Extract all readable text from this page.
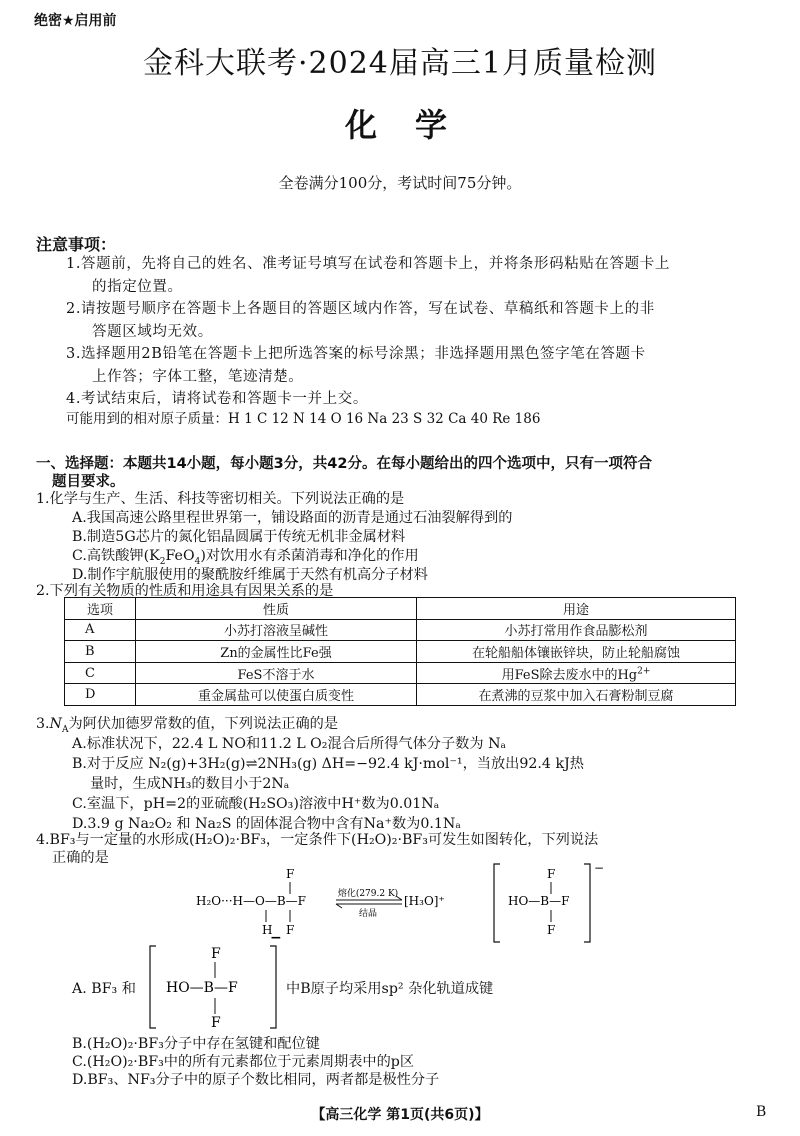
绝密★启用前
金科大联考·2024届高三1月质量检测
化学
全卷满分100分，考试时间75分钟。
注意事项：
1.答题前，先将自己的姓名、准考证号填写在试卷和答题卡上，并将条形码粘贴在答题卡上
的指定位置。
2.请按题号顺序在答题卡上各题目的答题区域内作答，写在试卷、草稿纸和答题卡上的非
答题区域均无效。
3.选择题用2B铅笔在答题卡上把所选答案的标号涂黑；非选择题用黑色签字笔在答题卡
上作答；字体工整，笔迹清楚。
4.考试结束后，请将试卷和答题卡一并上交。
可能用到的相对原子质量：H 1 C 12 N 14 O 16 Na 23 S 32 Ca 40 Re 186
一、选择题：本题共14小题，每小题3分，共42分。在每小题给出的四个选项中，只有一项符合
题目要求。
1.化学与生产、生活、科技等密切相关。下列说法正确的是
A.我国高速公路里程世界第一，铺设路面的沥青是通过石油裂解得到的
B.制造5G芯片的氮化铝晶圆属于传统无机非金属材料
C.高铁酸钾$(K_2FeO_4)$对饮用水有杀菌消毒和净化的作用
D.制作宇航服使用的聚酰胺纤维属于天然有机高分子材料
2.下列有关物质的性质和用途具有因果关系的是
选项	性质	用途
A	小苏打溶液呈碱性	小苏打常用作食品膨松剂
B	Zn的金属性比Fe强	在轮船船体镶嵌锌块，防止轮船腐蚀
C	FeS不溶于水	用FeS除去废水中的$Hg^{2+}$
D	重金属盐可以使蛋白质变性	在煮沸的豆浆中加入石膏粉制豆腐
$3.N_A$为阿伏加德罗常数的值，下列说法正确的是
A.标准状况下，22.4 L NO和11.2 L O₂混合后所得气体分子数为 Nₐ
B.对于反应 N₂(g)+3H₂(g)⇌2NH₃(g) ΔH=−92.4 kJ·mol⁻¹，当放出92.4 kJ热
量时，生成NH₃的数目小于2Nₐ
C.室温下，pH=2的亚硫酸(H₂SO₃)溶液中H⁺数为0.01Nₐ
D.3.9 g Na₂O₂ 和 Na₂S 的固体混合物中含有Na⁺数为0.1Nₐ
4.BF₃与一定量的水形成(H₂O)₂·BF₃，一定条件下(H₂O)₂·BF₃可发生如图转化，下列说法
正确的是
H₂O···H—O—B—F
F
F
H
−
熔化(279.2 K)
结晶
[H₃O]⁺	HO—B—F
F
F
−
A. BF₃ 和 HO—B—F
F
F
中B原子均采用sp² 杂化轨道成键
B.(H₂O)₂·BF₃分子中存在氢键和配位键
C.(H₂O)₂·BF₃中的所有元素都位于元素周期表中的p区
D.BF₃、NF₃分子中的原子个数比相同，两者都是极性分子
【高三化学 第1页(共6页)】	B
